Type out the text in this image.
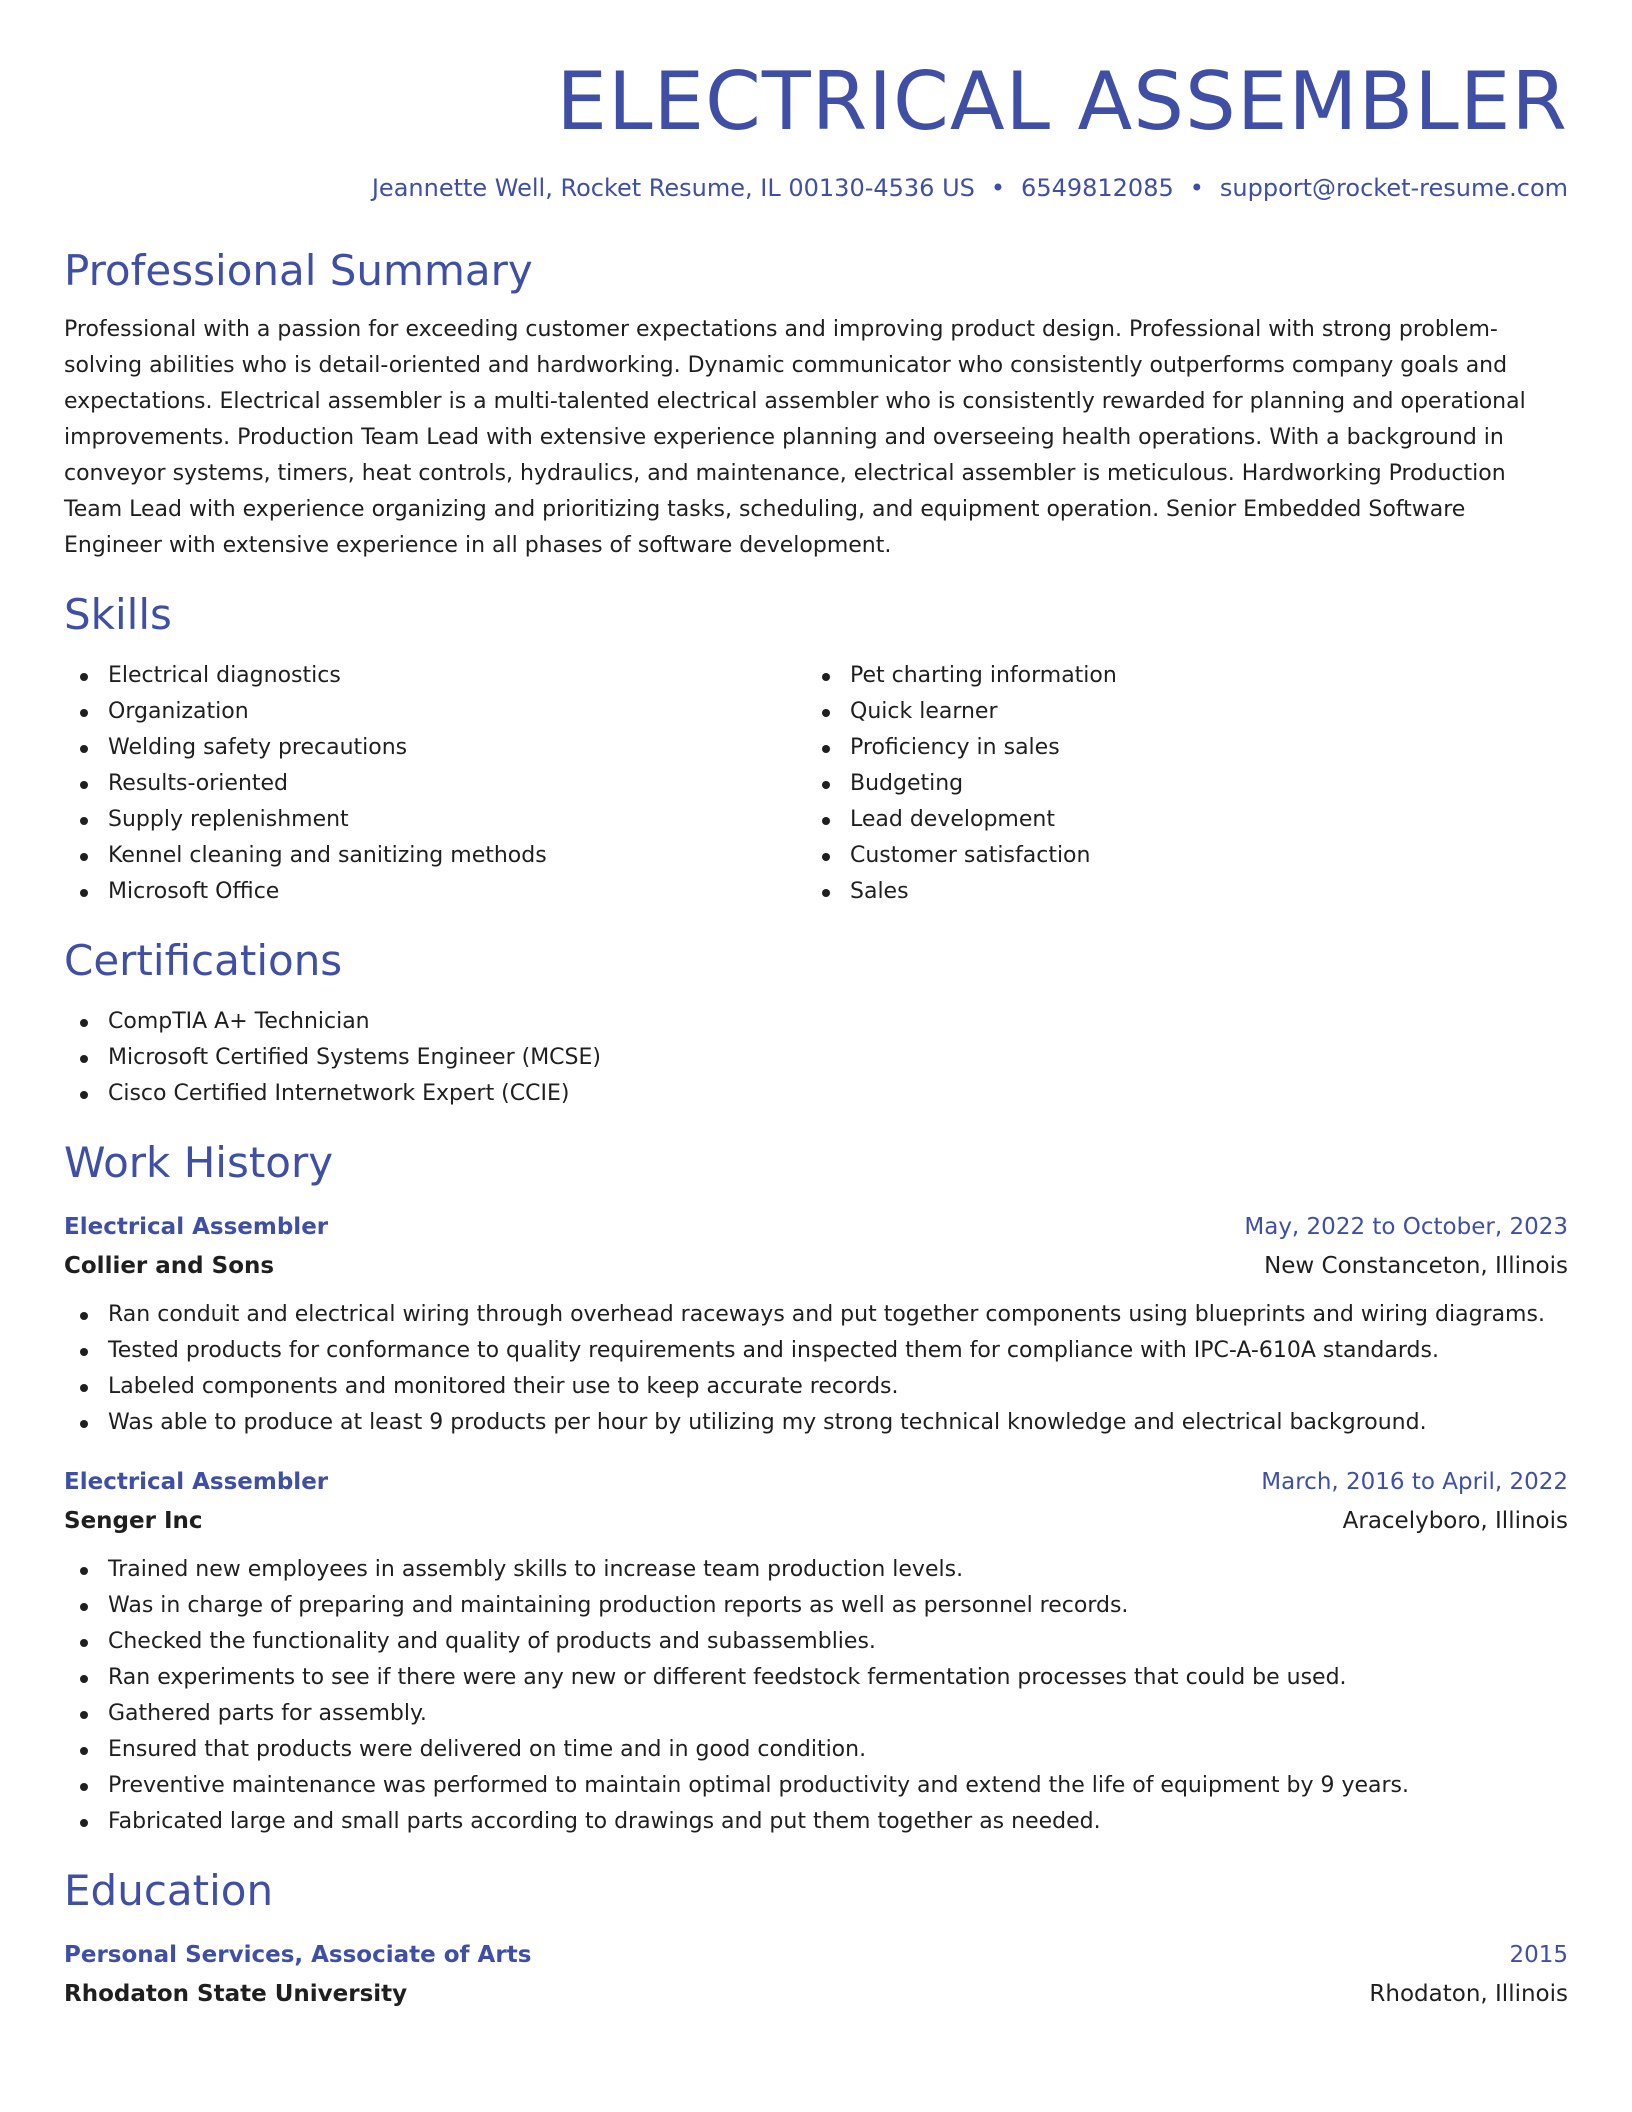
ELECTRICAL ASSEMBLER
Jeannette Well, Rocket Resume, IL 00130-4536 US • 6549812085 • support@rocket-resume.com
Professional Summary

Professional with a passion for exceeding customer expectations and improving product design. Professional with strong problem-solving abilities who is detail-oriented and hardworking. Dynamic communicator who consistently outperforms company goals and expectations. Electrical assembler is a multi-talented electrical assembler who is consistently rewarded for planning and operational improvements. Production Team Lead with extensive experience planning and overseeing health operations. With a background in conveyor systems, timers, heat controls, hydraulics, and maintenance, electrical assembler is meticulous. Hardworking Production Team Lead with experience organizing and prioritizing tasks, scheduling, and equipment operation. Senior Embedded Software Engineer with extensive experience in all phases of software development.

Skills
Electrical diagnostics
Organization
Welding safety precautions
Results-oriented
Supply replenishment
Kennel cleaning and sanitizing methods
Microsoft Office
Pet charting information
Quick learner
Proficiency in sales
Budgeting
Lead development
Customer satisfaction
Sales
Certifications
CompTIA A+ Technician
Microsoft Certified Systems Engineer (MCSE)
Cisco Certified Internetwork Expert (CCIE)
Work History
Electrical Assembler	May, 2022 to October, 2023
Collier and Sons	New Constanceton, Illinois
Ran conduit and electrical wiring through overhead raceways and put together components using blueprints and wiring diagrams.
Tested products for conformance to quality requirements and inspected them for compliance with IPC-A-610A standards.
Labeled components and monitored their use to keep accurate records.
Was able to produce at least 9 products per hour by utilizing my strong technical knowledge and electrical background.
Electrical Assembler	March, 2016 to April, 2022
Senger Inc	Aracelyboro, Illinois
Trained new employees in assembly skills to increase team production levels.
Was in charge of preparing and maintaining production reports as well as personnel records.
Checked the functionality and quality of products and subassemblies.
Ran experiments to see if there were any new or different feedstock fermentation processes that could be used.
Gathered parts for assembly.
Ensured that products were delivered on time and in good condition.
Preventive maintenance was performed to maintain optimal productivity and extend the life of equipment by 9 years.
Fabricated large and small parts according to drawings and put them together as needed.
Education
Personal Services, Associate of Arts	2015
Rhodaton State University	Rhodaton, Illinois
